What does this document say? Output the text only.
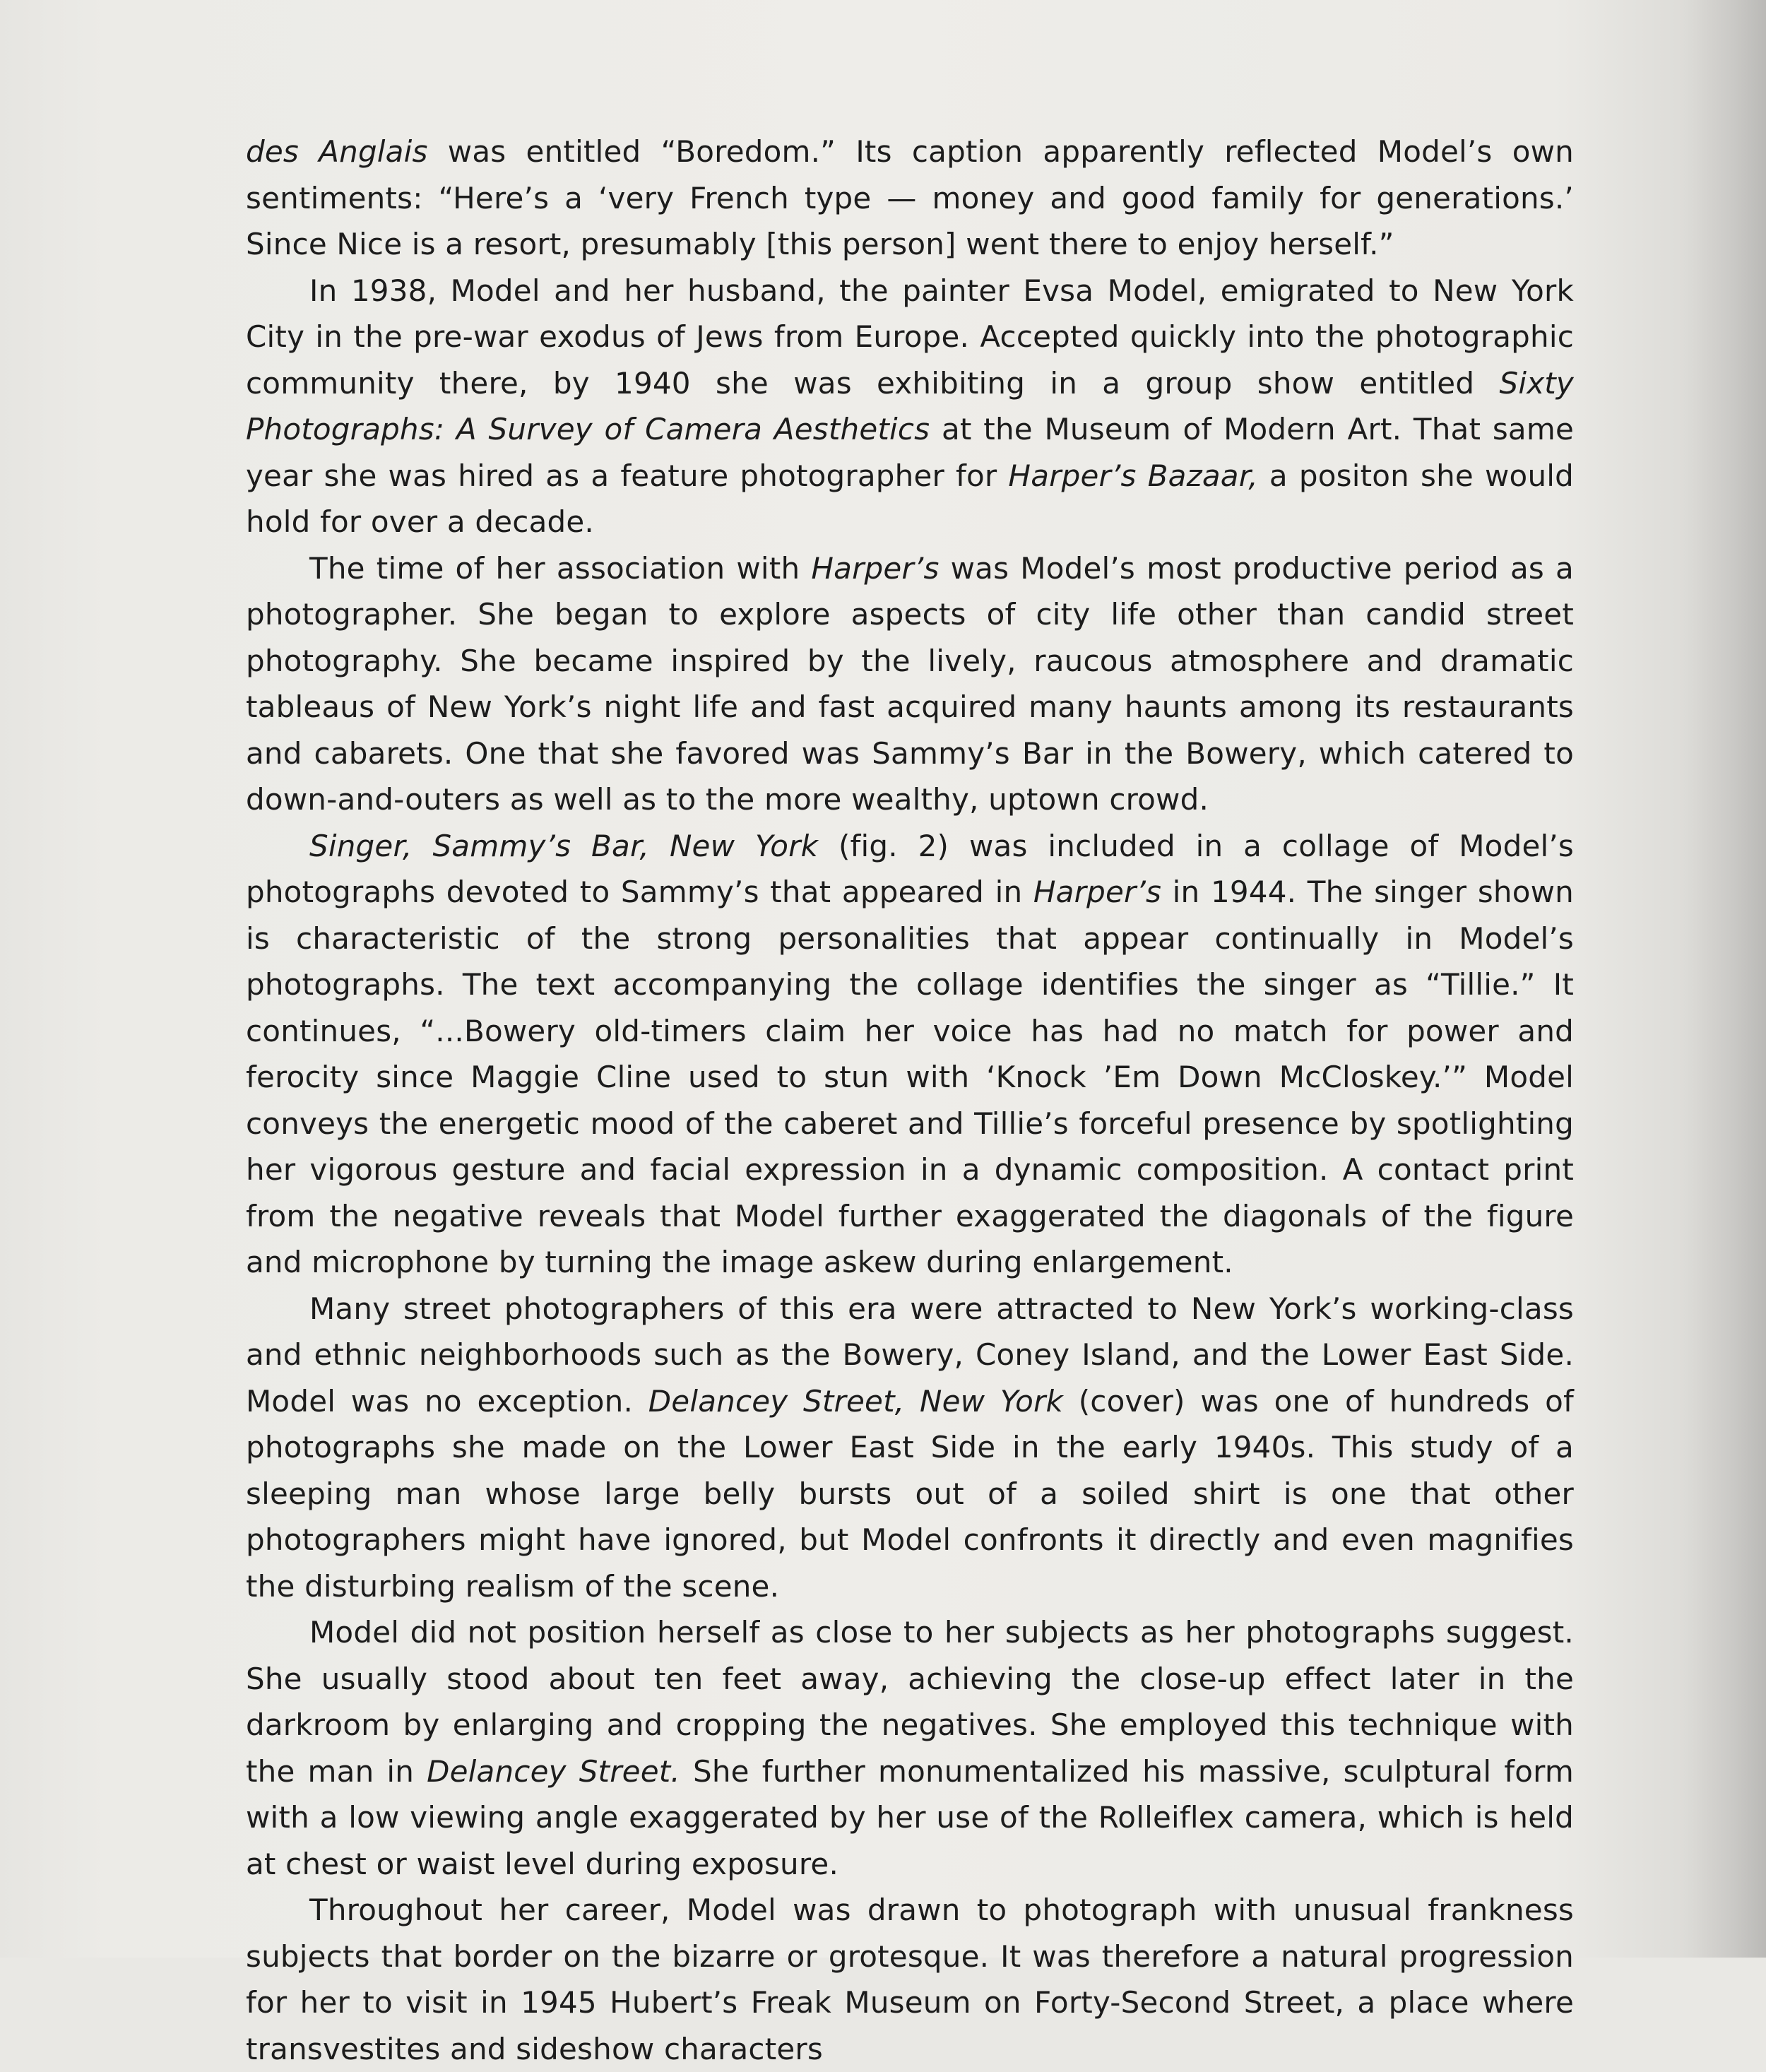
des Anglais was entitled “Boredom.” Its caption apparently reflected Model’s own sentiments: “Here’s a ‘very French type — money and good family for generations.’ Since Nice is a resort, presumably [this person] went there to enjoy herself.”

In 1938, Model and her husband, the painter Evsa Model, emigrated to New York City in the pre-war exodus of Jews from Europe. Accepted quickly into the photographic community there, by 1940 she was exhibiting in a group show entitled Sixty Photographs: A Survey of Camera Aesthetics at the Museum of Modern Art. That same year she was hired as a feature photographer for Harper’s Bazaar, a positon she would hold for over a decade.

The time of her association with Harper’s was Model’s most productive period as a photographer. She began to explore aspects of city life other than candid street photography. She became inspired by the lively, raucous atmosphere and dramatic tableaus of New York’s night life and fast acquired many haunts among its restaurants and cabarets. One that she favored was Sammy’s Bar in the Bowery, which catered to down-and-outers as well as to the more wealthy, uptown crowd.

Singer, Sammy’s Bar, New York (fig. 2) was included in a collage of Model’s photographs devoted to Sammy’s that appeared in Harper’s in 1944. The singer shown is characteristic of the strong personalities that appear continually in Model’s photographs. The text accompanying the collage identifies the singer as “Tillie.” It continues, “...Bowery old-timers claim her voice has had no match for power and ferocity since Maggie Cline used to stun with ‘Knock ’Em Down McCloskey.’” Model conveys the energetic mood of the caberet and Tillie’s forceful presence by spotlighting her vigorous gesture and facial expression in a dynamic composition. A contact print from the negative reveals that Model further exaggerated the diagonals of the figure and microphone by turning the image askew during enlargement.

Many street photographers of this era were attracted to New York’s working-class and ethnic neighborhoods such as the Bowery, Coney Island, and the Lower East Side. Model was no exception. Delancey Street, New York (cover) was one of hundreds of photographs she made on the Lower East Side in the early 1940s. This study of a sleeping man whose large belly bursts out of a soiled shirt is one that other photographers might have ignored, but Model confronts it directly and even magnifies the disturbing realism of the scene.

Model did not position herself as close to her subjects as her photographs suggest. She usually stood about ten feet away, achieving the close-up effect later in the darkroom by enlarging and cropping the negatives. She employed this technique with the man in Delancey Street. She further monumentalized his massive, sculptural form with a low viewing angle exaggerated by her use of the Rolleiflex camera, which is held at chest or waist level during exposure.

Throughout her career, Model was drawn to photograph with unusual frankness subjects that border on the bizarre or grotesque. It was therefore a natural progression for her to visit in 1945 Hubert’s Freak Museum on Forty-Second Street, a place where transvestites and sideshow characters
